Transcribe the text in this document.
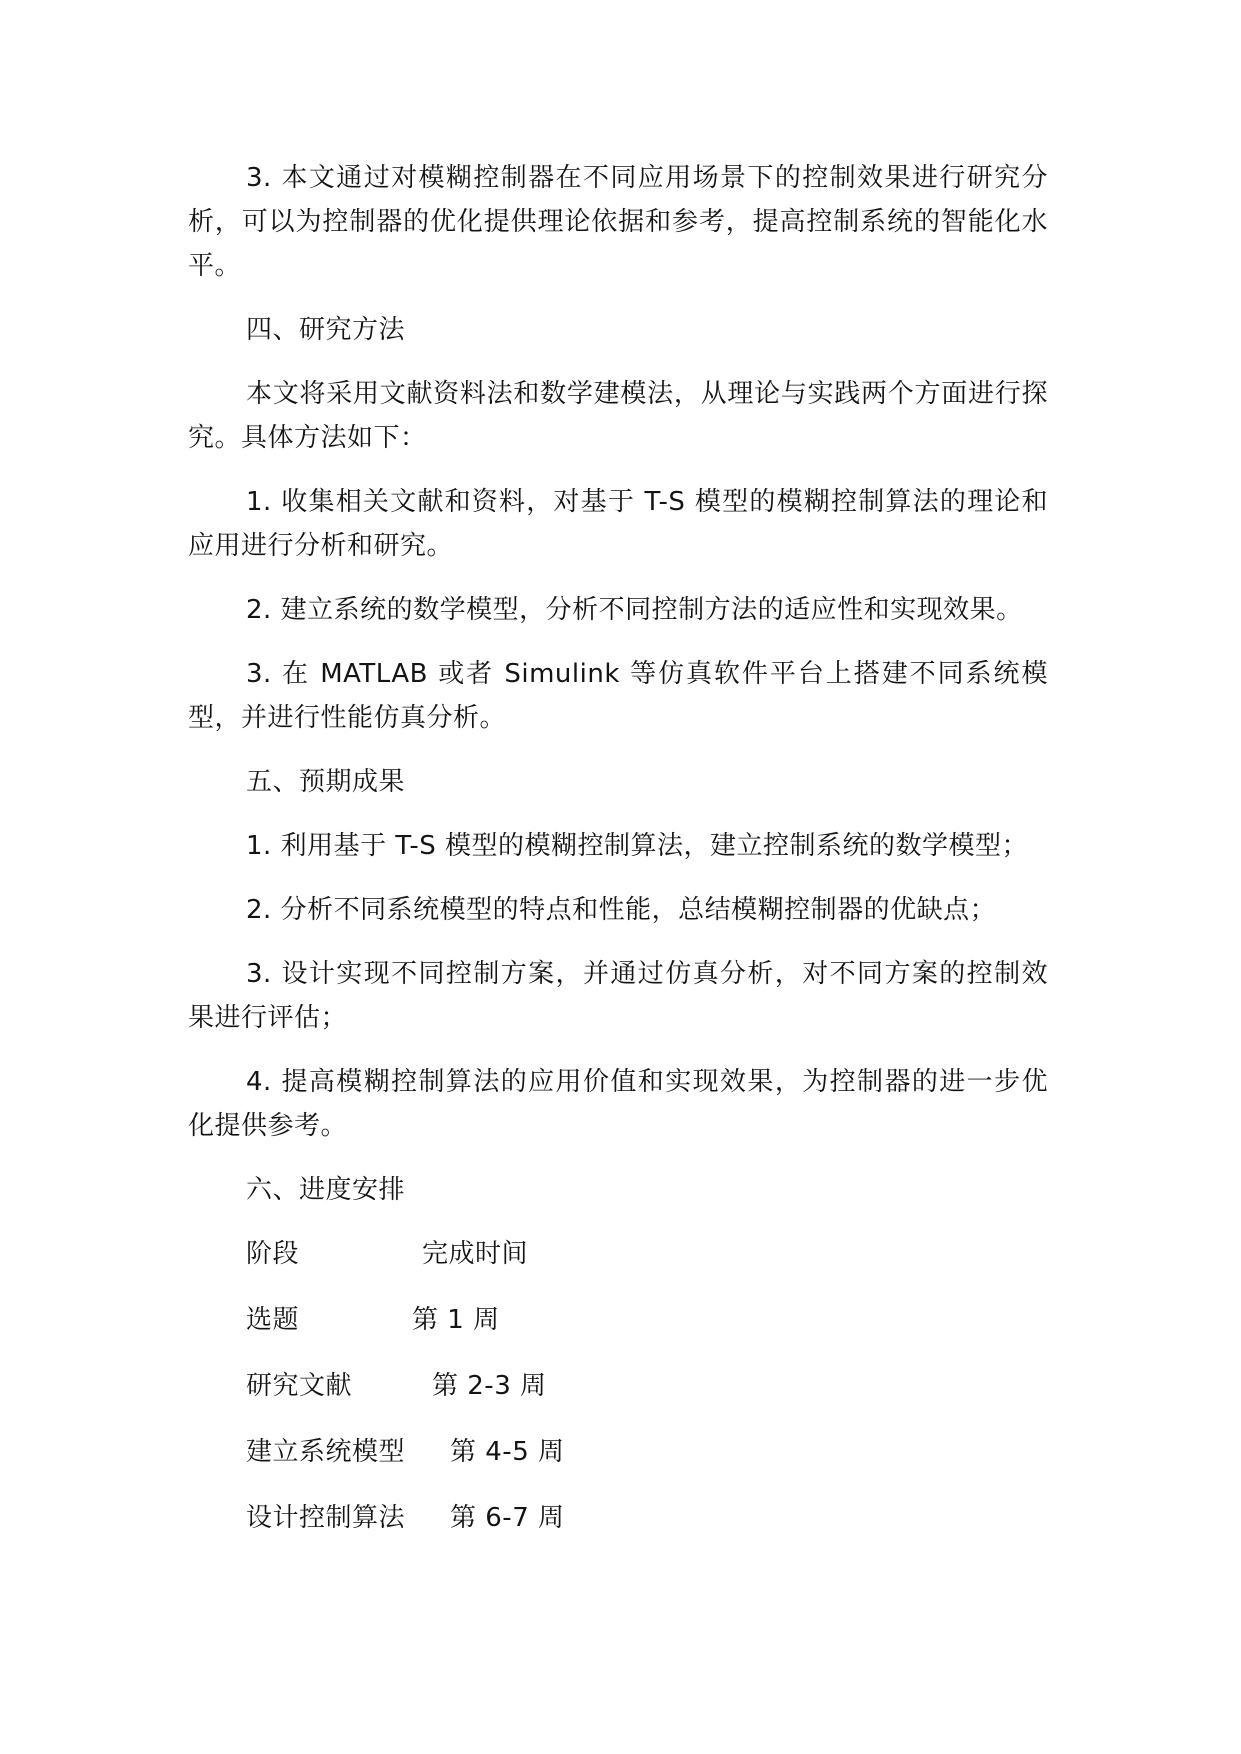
3. 本文通过对模糊控制器在不同应用场景下的控制效果进行研究分析，可以为控制器的优化提供理论依据和参考，提高控制系统的智能化水平。

四、研究方法

本文将采用文献资料法和数学建模法，从理论与实践两个方面进行探究。具体方法如下：

1. 收集相关文献和资料，对基于 T-S 模型的模糊控制算法的理论和应用进行分析和研究。

2. 建立系统的数学模型，分析不同控制方法的适应性和实现效果。

3. 在 MATLAB 或者 Simulink 等仿真软件平台上搭建不同系统模型，并进行性能仿真分析。

五、预期成果

1. 利用基于 T-S 模型的模糊控制算法，建立控制系统的数学模型；

2. 分析不同系统模型的特点和性能，总结模糊控制器的优缺点；

3. 设计实现不同控制方案，并通过仿真分析，对不同方案的控制效果进行评估；

4. 提高模糊控制算法的应用价值和实现效果，为控制器的进一步优化提供参考。

六、进度安排

阶段	完成时间
选题	第 1 周
研究文献	第 2-3 周
建立系统模型	第 4-5 周
设计控制算法	第 6-7 周
